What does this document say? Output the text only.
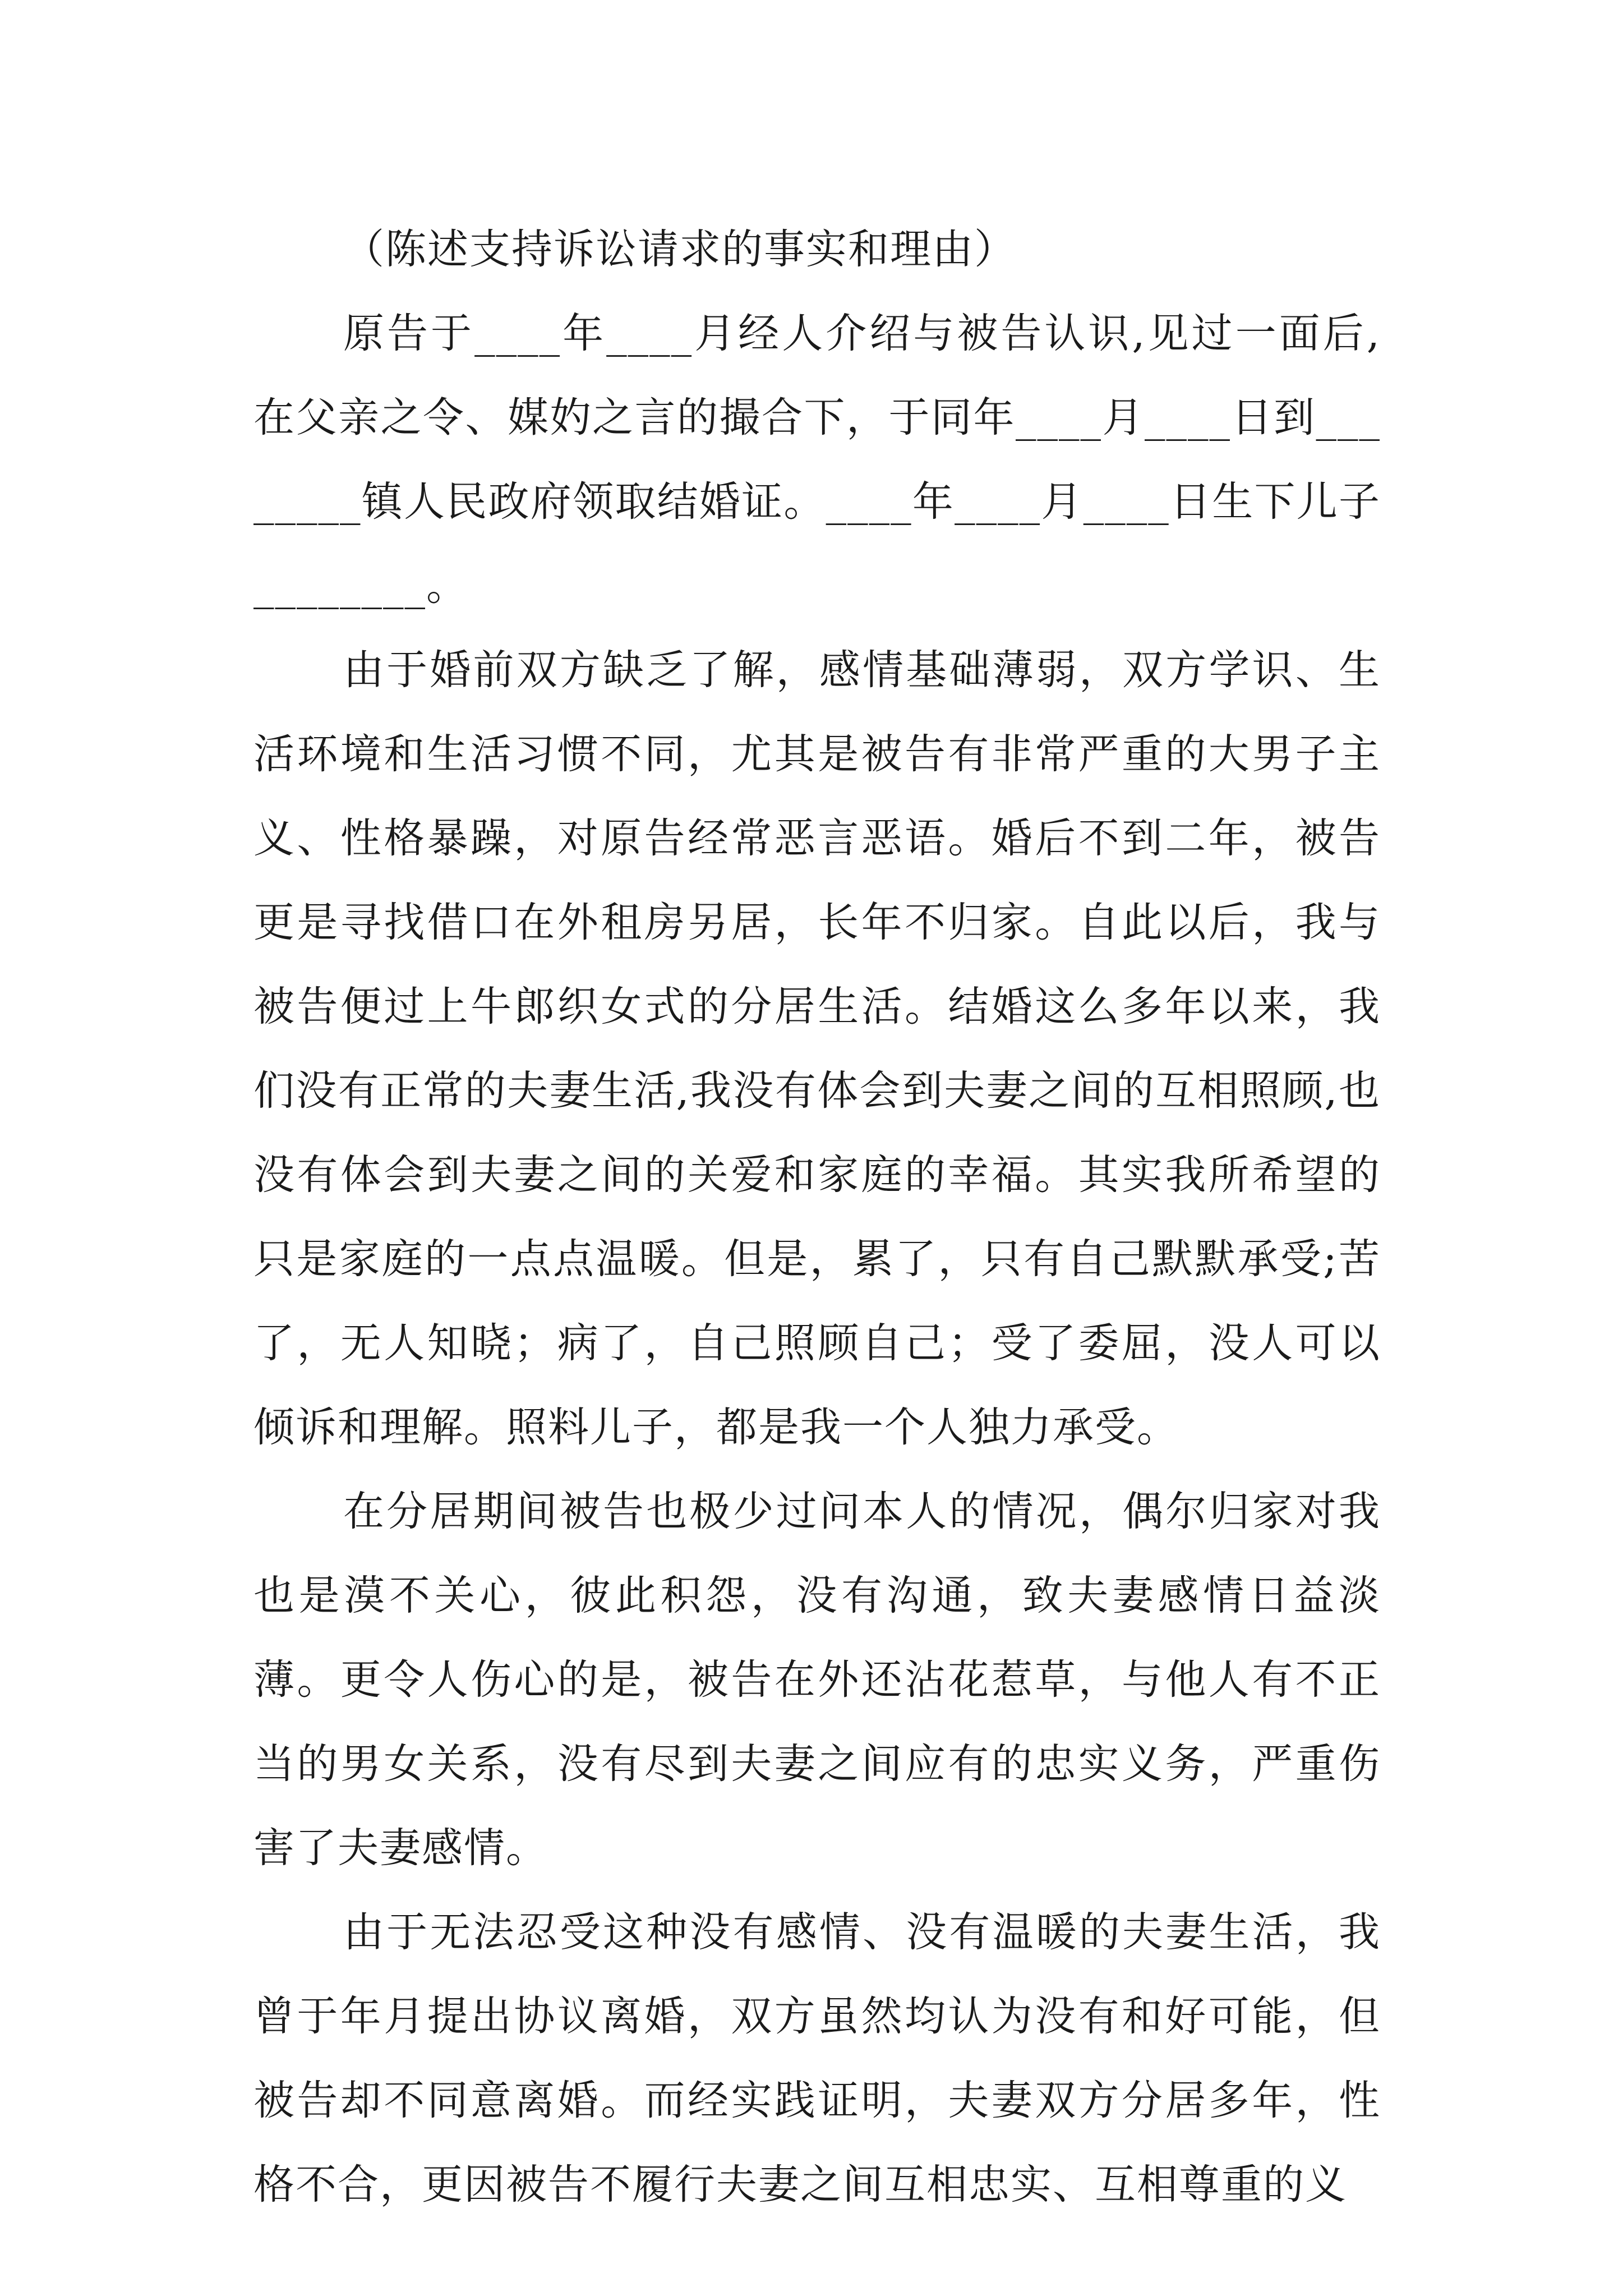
（陈述支持诉讼请求的事实和理由）

原告于____年____月经人介绍与被告认识,见过一面后,在父亲之令、媒妁之言的撮合下，于同年____月____日到________镇人民政府领取结婚证。____年____月____日生下儿子________。

由于婚前双方缺乏了解，感情基础薄弱，双方学识、生活环境和生活习惯不同，尤其是被告有非常严重的大男子主义、性格暴躁，对原告经常恶言恶语。婚后不到二年，被告更是寻找借口在外租房另居，长年不归家。自此以后，我与被告便过上牛郎织女式的分居生活。结婚这么多年以来，我们没有正常的夫妻生活,我没有体会到夫妻之间的互相照顾,也没有体会到夫妻之间的关爱和家庭的幸福。其实我所希望的只是家庭的一点点温暖。但是，累了，只有自己默默承受;苦了，无人知晓；病了，自己照顾自己；受了委屈，没人可以倾诉和理解。照料儿子，都是我一个人独力承受。

在分居期间被告也极少过问本人的情况，偶尔归家对我也是漠不关心，彼此积怨，没有沟通，致夫妻感情日益淡薄。更令人伤心的是，被告在外还沾花惹草，与他人有不正当的男女关系，没有尽到夫妻之间应有的忠实义务，严重伤害了夫妻感情。

由于无法忍受这种没有感情、没有温暖的夫妻生活，我曾于年月提出协议离婚，双方虽然均认为没有和好可能，但被告却不同意离婚。而经实践证明，夫妻双方分居多年，性格不合，更因被告不履行夫妻之间互相忠实、互相尊重的义
